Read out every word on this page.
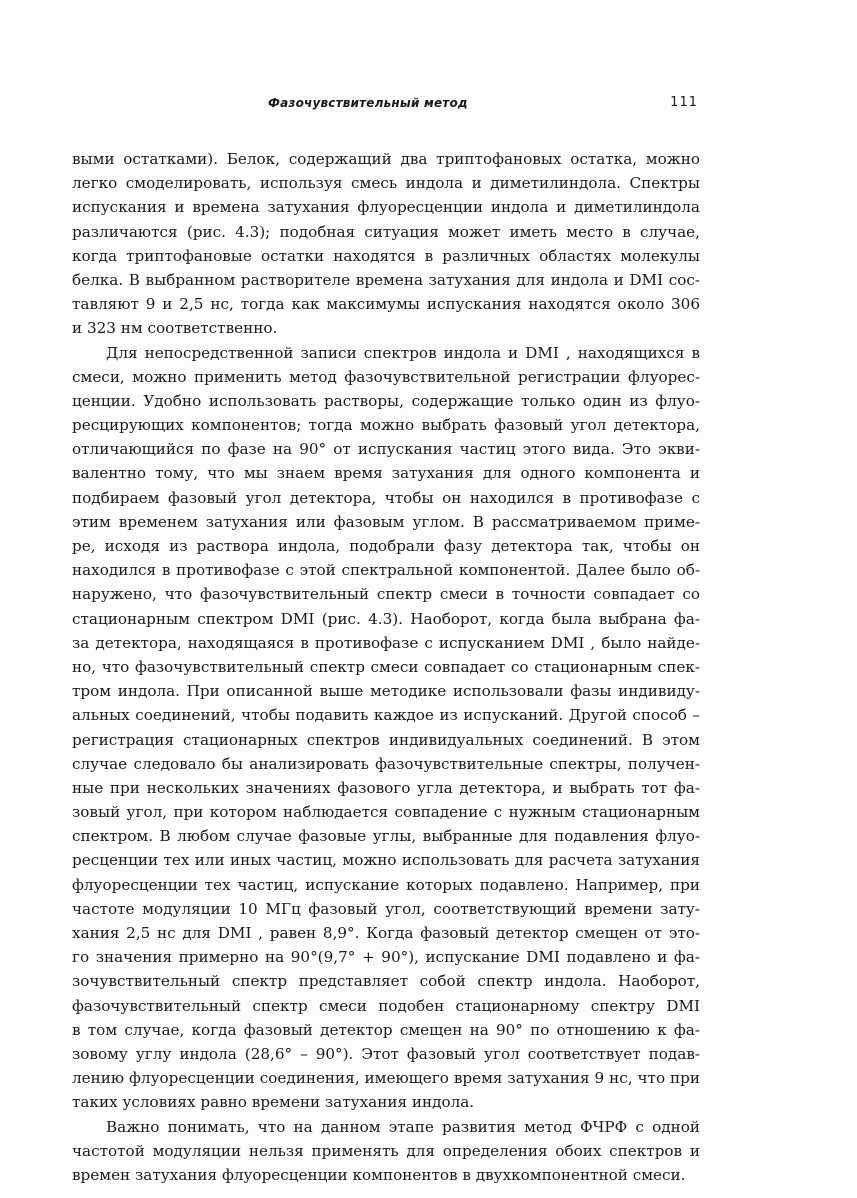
Фазочувствительный метод	111
выми остатками). Белок, содержащий два триптофановых остатка, можно
легко смоделировать, используя смесь индола и диметилиндола. Спектры
испускания и времена затухания флуоресценции индола и диметилиндола
различаются (рис. 4.3); подобная ситуация может иметь место в случае,
когда триптофановые остатки находятся в различных областях молекулы
белка. В выбранном растворителе времена затухания для индола и DMI сос-
тавляют 9 и 2,5 нс, тогда как максимумы испускания находятся около 306
и 323 нм соответственно.
Для непосредственной записи спектров индола и DMI , находящихся в
смеси, можно применить метод фазочувствительной регистрации флуорес-
ценции. Удобно использовать растворы, содержащие только один из флуо-
ресцирующих компонентов; тогда можно выбрать фазовый угол детектора,
отличающийся по фазе на 90° от испускания частиц этого вида. Это экви-
валентно тому, что мы знаем время затухания для одного компонента и
подбираем фазовый угол детектора, чтобы он находился в противофазе с
этим временем затухания или фазовым углом. В рассматриваемом приме-
ре, исходя из раствора индола, подобрали фазу детектора так, чтобы он
находился в противофазе с этой спектральной компонентой. Далее было об-
наружено, что фазочувствительный спектр смеси в точности совпадает со
стационарным спектром DMI (рис. 4.3). Наоборот, когда была выбрана фа-
за детектора, находящаяся в противофазе с испусканием DMI , было найде-
но, что фазочувствительный спектр смеси совпадает со стационарным спек-
тром индола. При описанной выше методике использовали фазы индивиду-
альных соединений, чтобы подавить каждое из испусканий. Другой способ –
регистрация стационарных спектров индивидуальных соединений. В этом
случае следовало бы анализировать фазочувствительные спектры, получен-
ные при нескольких значениях фазового угла детектора, и выбрать тот фа-
зовый угол, при котором наблюдается совпадение с нужным стационарным
спектром. В любом случае фазовые углы, выбранные для подавления флуо-
ресценции тех или иных частиц, можно использовать для расчета затухания
флуоресценции тех частиц, испускание которых подавлено. Например, при
частоте модуляции 10 МГц фазовый угол, соответствующий времени зату-
хания 2,5 нс для DMI , равен 8,9°. Когда фазовый детектор смещен от это-
го значения примерно на 90°(9,7° + 90°), испускание DMI подавлено и фа-
зочувствительный спектр представляет собой спектр индола. Наоборот,
фазочувствительный спектр смеси подобен стационарному спектру DMI
в том случае, когда фазовый детектор смещен на 90° по отношению к фа-
зовому углу индола (28,6° – 90°). Этот фазовый угол соответствует подав-
лению флуоресценции соединения, имеющего время затухания 9 нс, что при
таких условиях равно времени затухания индола.
Важно понимать, что на данном этапе развития метод ФЧРФ с одной
частотой модуляции нельзя применять для определения обоих спектров и
времен затухания флуоресценции компонентов в двухкомпонентной смеси.
